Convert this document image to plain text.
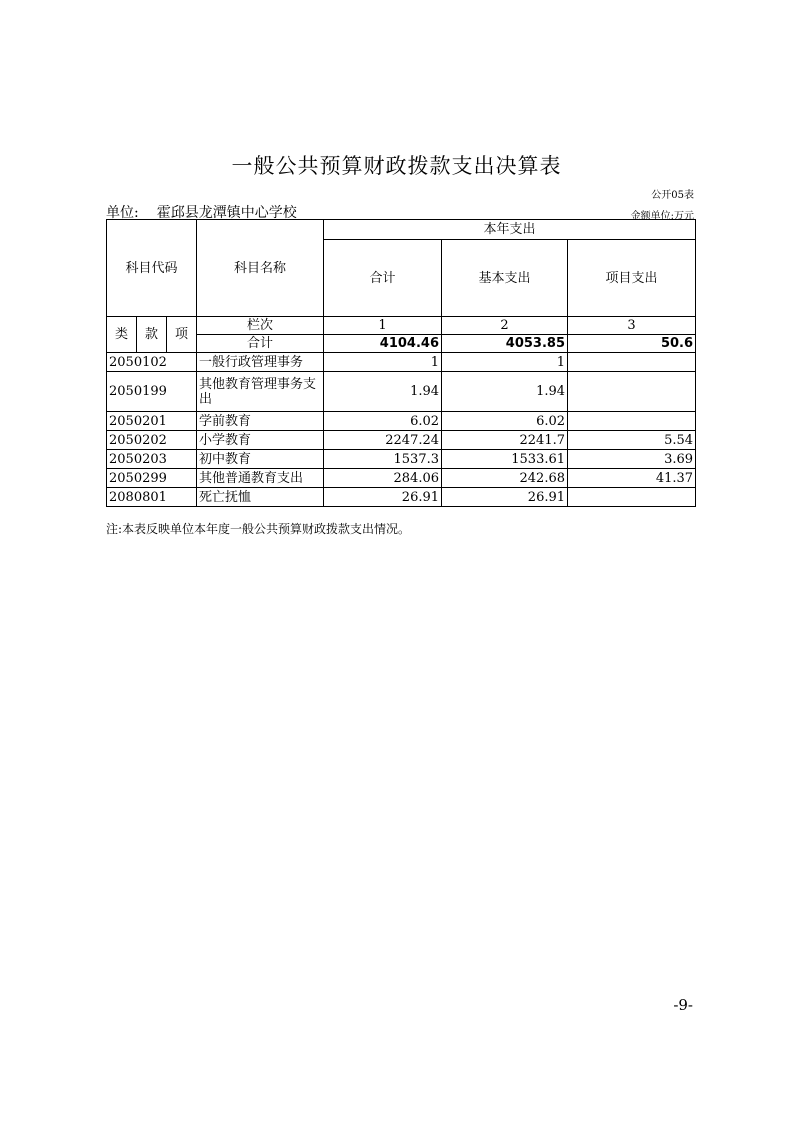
一般公共预算财政拨款支出决算表
公开05表
单位: 霍邱县龙潭镇中心学校	金额单位:万元
科目代码			科目名称	本年支出		
				合计	基本支出	项目支出
类	款	项	栏次	1	2	3
			合计	4104.46	4053.85	50.6
2050102			一般行政管理事务	1	1	
2050199			其他教育管理事务支出	1.94	1.94	
2050201			学前教育	6.02	6.02	
2050202			小学教育	2247.24	2241.7	5.54
2050203			初中教育	1537.3	1533.61	3.69
2050299			其他普通教育支出	284.06	242.68	41.37
2080801			死亡抚恤	26.91	26.91	
注:本表反映单位本年度一般公共预算财政拨款支出情况。
-9-
